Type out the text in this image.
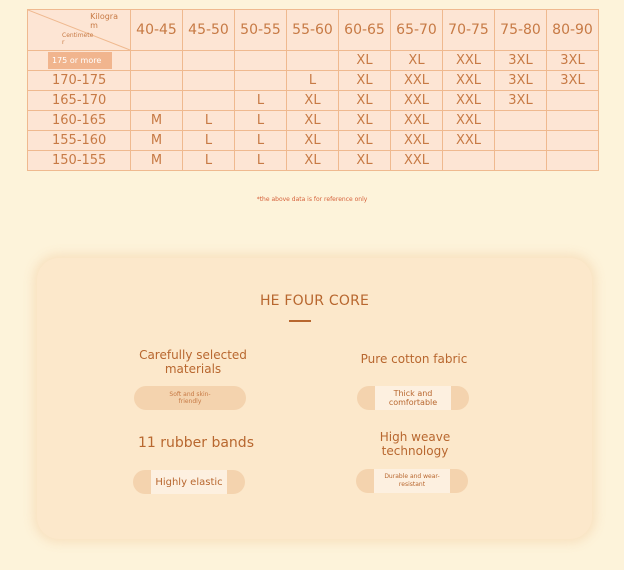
Kilogra
m
Centimete
r	40-45	45-50	50-55	55-60	60-65	65-70	70-75	75-80	80-90

175 or more					XL	XL	XXL	3XL	3XL
170-175				L	XL	XXL	XXL	3XL	3XL
165-170			L	XL	XL	XXL	XXL	3XL	
160-165	M	L	L	XL	XL	XXL	XXL		
155-160	M	L	L	XL	XL	XXL	XXL		
150-155	M	L	L	XL	XL	XXL			
*the above data is for reference only
HE FOUR CORE
Carefully selected
materials
Soft and skin-
friendly
Pure cotton fabric
Thick and
comfortable
11 rubber bands
Highly elastic
High weave
technology
Durable and wear-
resistant
